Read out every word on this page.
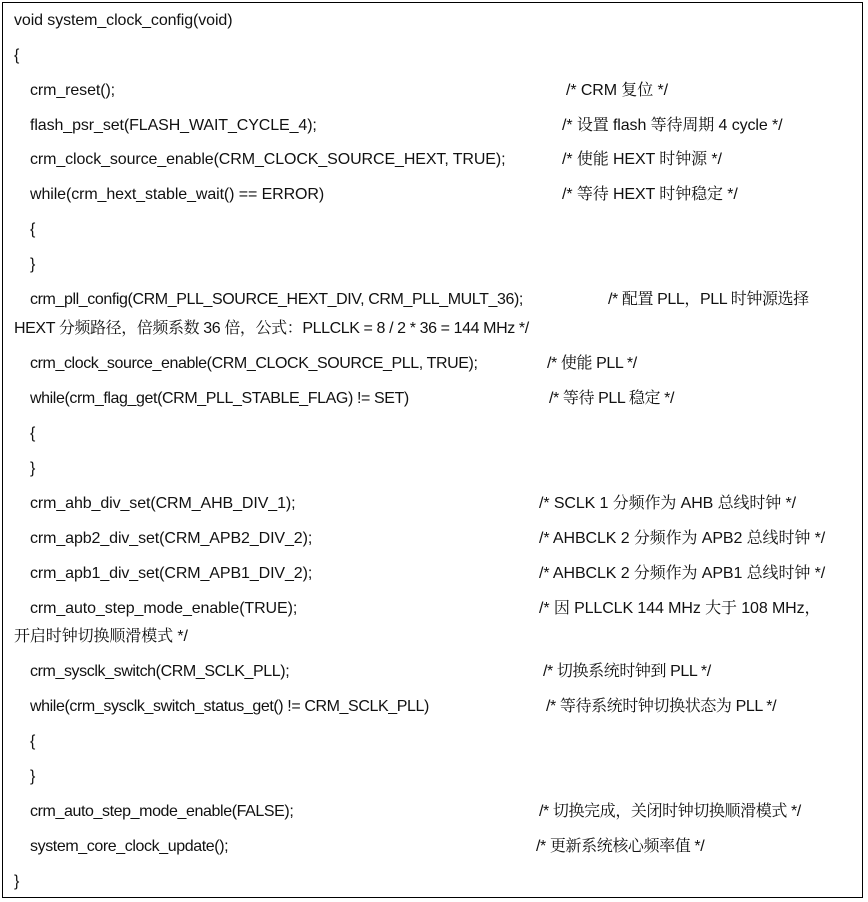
void system_clock_config(void)
{
crm_reset();	/* CRM 复位 */
flash_psr_set(FLASH_WAIT_CYCLE_4);	/* 设置 flash 等待周期 4 cycle */
crm_clock_source_enable(CRM_CLOCK_SOURCE_HEXT, TRUE);	/* 使能 HEXT 时钟源 */
while(crm_hext_stable_wait() == ERROR)	/* 等待 HEXT 时钟稳定 */
{
}
crm_pll_config(CRM_PLL_SOURCE_HEXT_DIV, CRM_PLL_MULT_36);	/* 配置 PLL，PLL 时钟源选择
HEXT 分频路径，倍频系数 36 倍，公式：PLLCLK = 8 / 2 * 36 = 144 MHz */
crm_clock_source_enable(CRM_CLOCK_SOURCE_PLL, TRUE);	/* 使能 PLL */
while(crm_flag_get(CRM_PLL_STABLE_FLAG) != SET)	/* 等待 PLL 稳定 */
{
}
crm_ahb_div_set(CRM_AHB_DIV_1);	/* SCLK 1 分频作为 AHB 总线时钟 */
crm_apb2_div_set(CRM_APB2_DIV_2);	/* AHBCLK 2 分频作为 APB2 总线时钟 */
crm_apb1_div_set(CRM_APB1_DIV_2);	/* AHBCLK 2 分频作为 APB1 总线时钟 */
crm_auto_step_mode_enable(TRUE);	/* 因 PLLCLK 144 MHz 大于 108 MHz，
开启时钟切换顺滑模式 */
crm_sysclk_switch(CRM_SCLK_PLL);	/* 切换系统时钟到 PLL */
while(crm_sysclk_switch_status_get() != CRM_SCLK_PLL)	/* 等待系统时钟切换状态为 PLL */
{
}
crm_auto_step_mode_enable(FALSE);	/* 切换完成，关闭时钟切换顺滑模式 */
system_core_clock_update();	/* 更新系统核心频率值 */
}
